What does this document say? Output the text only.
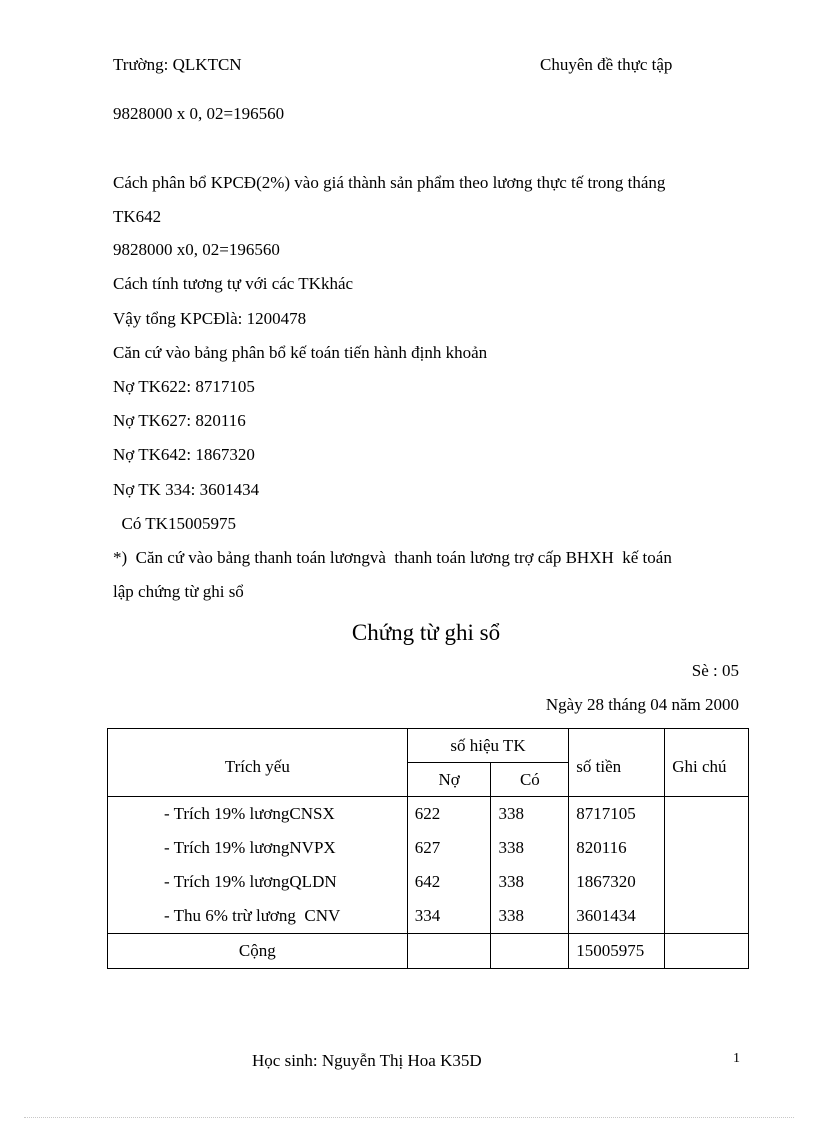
Trường: QLKTCN	Chuyên đề thực tập
9828000 x 0, 02=196560
Cách phân bổ KPCĐ(2%) vào giá thành sản phẩm theo lương thực tế trong tháng
TK642
9828000 x0, 02=196560
Cách tính tương tự với các TKkhác
Vậy tổng KPCĐlà: 1200478
Căn cứ vào bảng phân bổ kế toán tiến hành định khoản
Nợ TK622: 8717105
Nợ TK627: 820116
Nợ TK642: 1867320
Nợ TK 334: 3601434
Có TK15005975
*)  Căn cứ vào bảng thanh toán lươngvà  thanh toán lương trợ cấp BHXH  kế toán
lập chứng từ ghi sổ
Chứng từ ghi sổ
Sè : 05
Ngày 28 tháng 04 năm 2000
Trích yếu	số hiệu TK		số tiền	Ghi chú
	Nợ	Có		
- Trích 19% lươngCNSX	622	338	8717105	
- Trích 19% lươngNVPX	627	338	820116	
- Trích 19% lươngQLDN	642	338	1867320	
- Thu 6% trừ lương  CNV	334	338	3601434	
Cộng			15005975	
Học sinh: Nguyễn Thị Hoa K35D	1
